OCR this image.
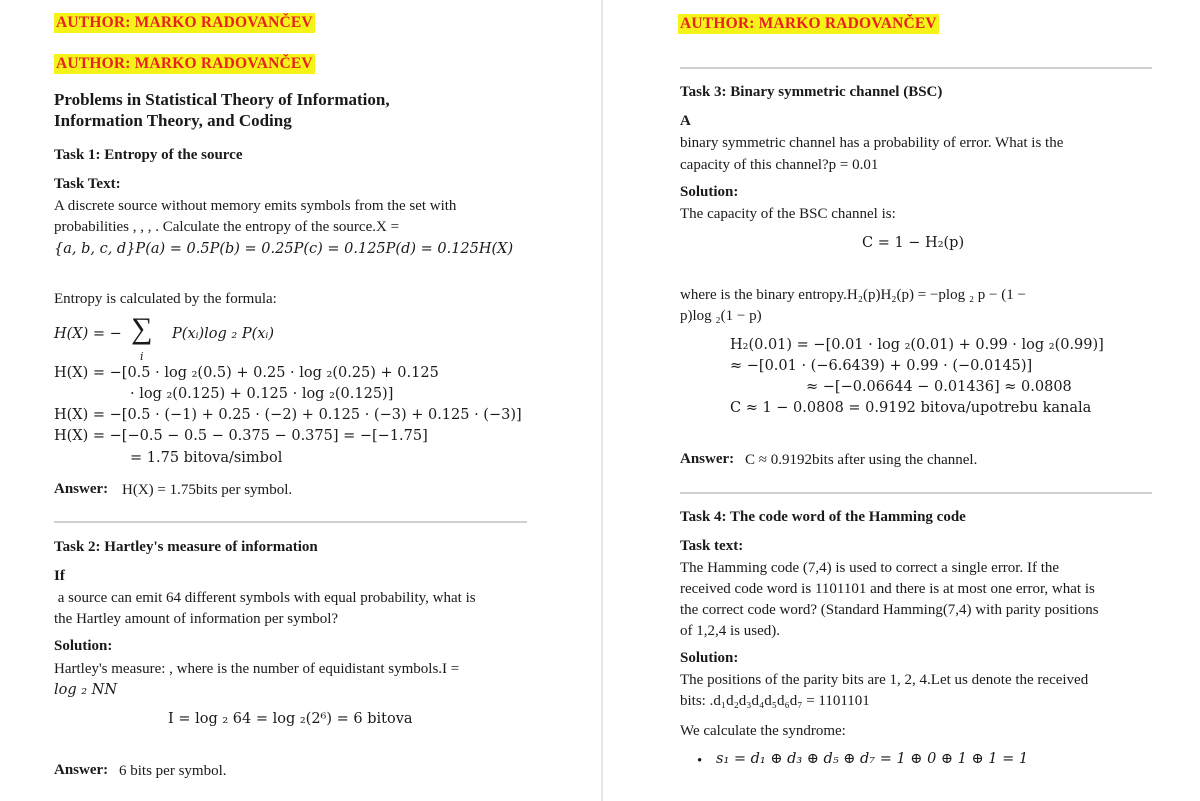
AUTHOR: MARKO RADOVANČEV
AUTHOR: MARKO RADOVANČEV
Problems in Statistical Theory of Information,
Information Theory, and Coding
Task 1: Entropy of the source
Task Text:
A discrete source without memory emits symbols from the set with
probabilities , , , . Calculate the entropy of the source.X =
{a, b, c, d}P(a) = 0.5P(b) = 0.25P(c) = 0.125P(d) = 0.125H(X)
Entropy is calculated by the formula:
H(X) = − ∑
i
P(xᵢ)log ₂ P(xᵢ)
H(X) = −[0.5 · log ₂(0.5) + 0.25 · log ₂(0.25) + 0.125
· log ₂(0.125) + 0.125 · log ₂(0.125)]
H(X) = −[0.5 · (−1) + 0.25 · (−2) + 0.125 · (−3) + 0.125 · (−3)]
H(X) = −[−0.5 − 0.5 − 0.375 − 0.375] = −[−1.75]
= 1.75 bitova/simbol
Answer: H(X) = 1.75bits per symbol.
Task 2: Hartley's measure of information
If
a source can emit 64 different symbols with equal probability, what is
the Hartley amount of information per symbol?
Solution:
Hartley's measure: , where is the number of equidistant symbols.I =
log ₂ NN
I = log ₂ 64 = log ₂(2⁶) = 6 bitova
Answer: 6 bits per symbol.
AUTHOR: MARKO RADOVANČEV
Task 3: Binary symmetric channel (BSC)
A
binary symmetric channel has a probability of error. What is the
capacity of this channel?p = 0.01
Solution:
The capacity of the BSC channel is:
C = 1 − H₂(p)
where is the binary entropy.H₂(p)H₂(p) = −plog ₂ p − (1 −
p)log ₂(1 − p)
H₂(0.01) = −[0.01 · log ₂(0.01) + 0.99 · log ₂(0.99)]
≈ −[0.01 · (−6.6439) + 0.99 · (−0.0145)]
≈ −[−0.06644 − 0.01436] ≈ 0.0808
C ≈ 1 − 0.0808 = 0.9192 bitova/upotrebu kanala
Answer: C ≈ 0.9192bits after using the channel.
Task 4: The code word of the Hamming code
Task text:
The Hamming code (7,4) is used to correct a single error. If the
received code word is 1101101 and there is at most one error, what is
the correct code word? (Standard Hamming(7,4) with parity positions
of 1,2,4 is used).
Solution:
The positions of the parity bits are 1, 2, 4.Let us denote the received
bits: .d₁d₂d₃d₄d₅d₆d₇ = 1101101
We calculate the syndrome:
• s₁ = d₁ ⊕ d₃ ⊕ d₅ ⊕ d₇ = 1 ⊕ 0 ⊕ 1 ⊕ 1 = 1
